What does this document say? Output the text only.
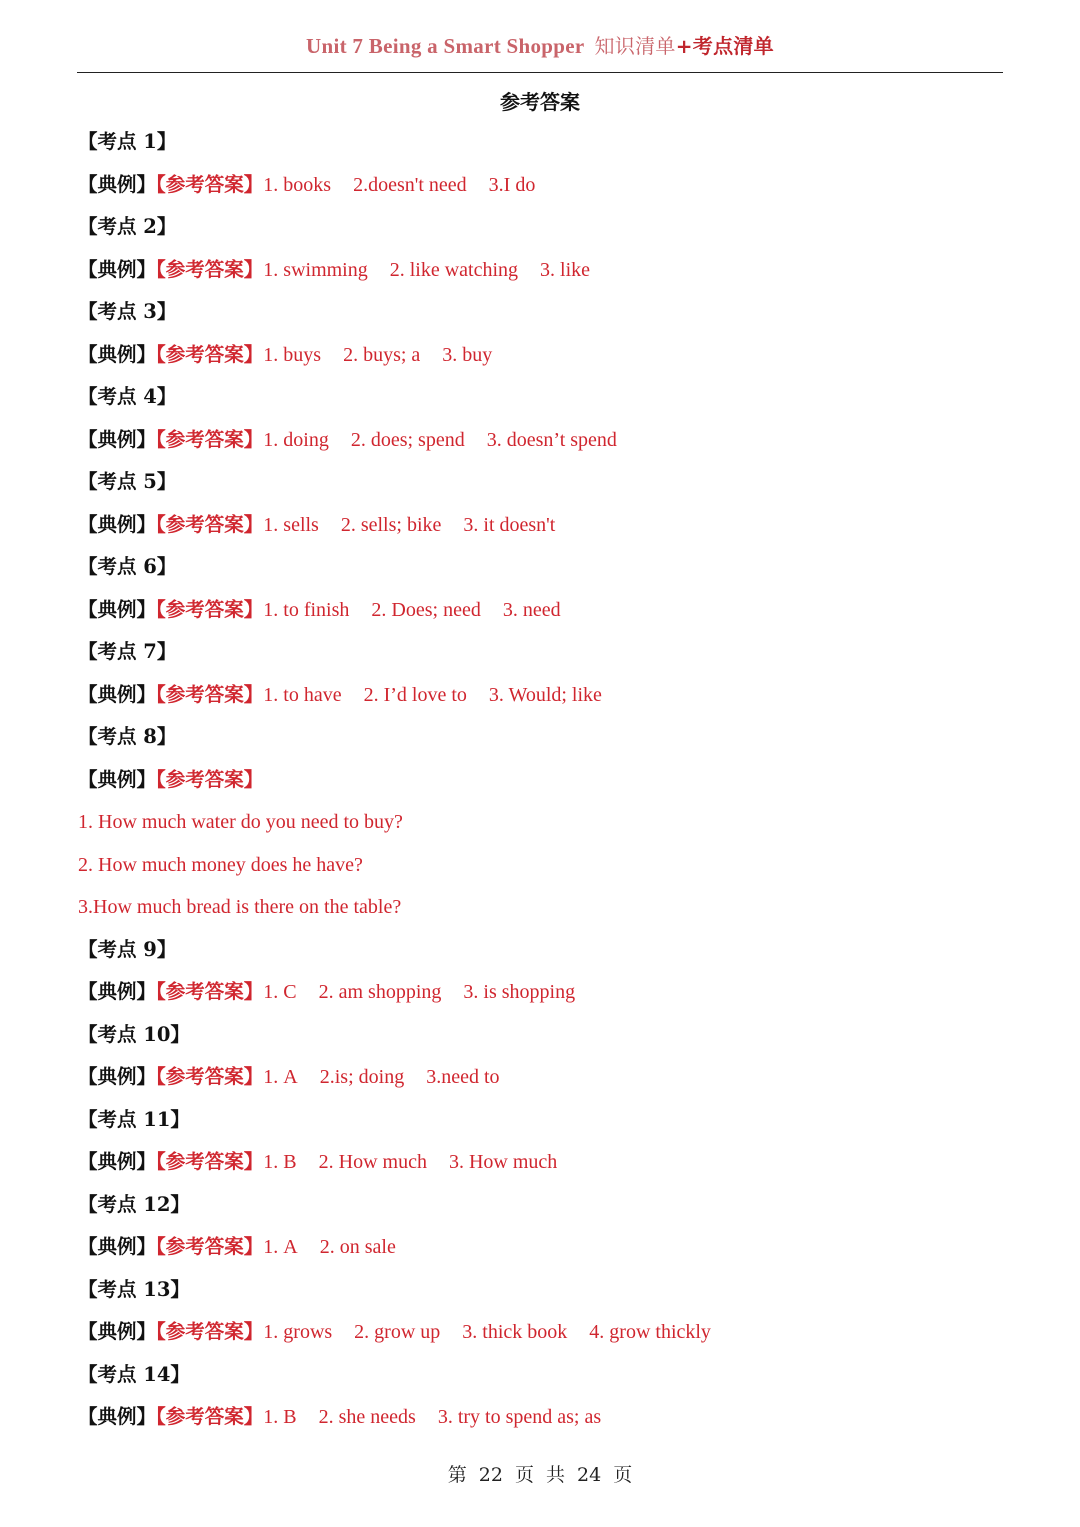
Unit 7 Being a Smart Shopper 知识清单+考点清单
参考答案
【考点 1】
【典例】【参考答案】1. books 2.doesn't need 3.I do
【考点 2】
【典例】【参考答案】1. swimming 2. like watching 3. like
【考点 3】
【典例】【参考答案】1. buys 2. buys; a 3. buy
【考点 4】
【典例】【参考答案】1. doing 2. does; spend 3. doesn’t spend
【考点 5】
【典例】【参考答案】1. sells 2. sells; bike 3. it doesn't
【考点 6】
【典例】【参考答案】1. to finish 2. Does; need 3. need
【考点 7】
【典例】【参考答案】1. to have 2. I’d love to 3. Would; like
【考点 8】
【典例】【参考答案】
1. How much water do you need to buy?
2. How much money does he have?
3.How much bread is there on the table?
【考点 9】
【典例】【参考答案】1. C 2. am shopping 3. is shopping
【考点 10】
【典例】【参考答案】1. A 2.is; doing 3.need to
【考点 11】
【典例】【参考答案】1. B 2. How much 3. How much
【考点 12】
【典例】【参考答案】1. A 2. on sale
【考点 13】
【典例】【参考答案】1. grows 2. grow up 3. thick book 4. grow thickly
【考点 14】
【典例】【参考答案】1. B 2. she needs 3. try to spend as; as
第 22 页 共 24 页
